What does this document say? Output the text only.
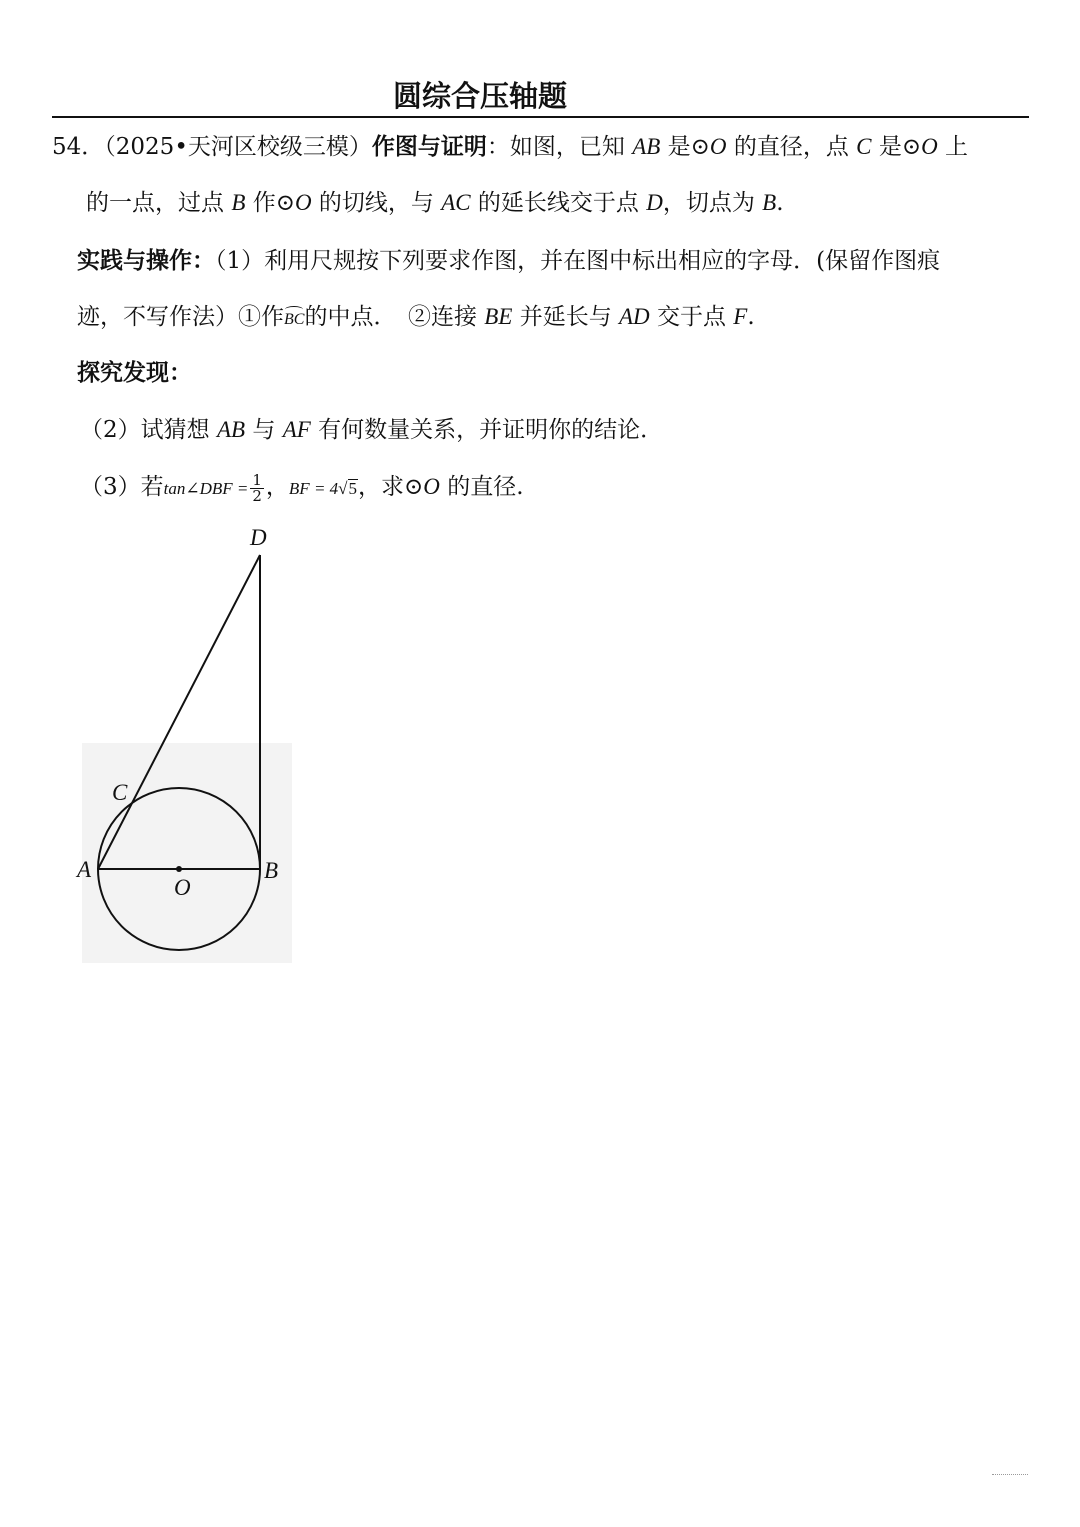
圆综合压轴题
54．（2025•天河区校级三模）作图与证明：如图，已知 AB 是⊙O 的直径，点 C 是⊙O 上
的一点，过点 B 作⊙O 的切线，与 AC 的延长线交于点 D，切点为 B.
实践与操作：（1）利用尺规按下列要求作图，并在图中标出相应的字母．(保留作图痕
迹，不写作法）①作BC的中点．　②连接 BE 并延长与 AD 交于点 F.
探究发现：
（2）试猜想 AB 与 AF 有何数量关系，并证明你的结论．
（3）若tan∠DBF = $\frac{1}{2}$ ，BF = 4√5，求⊙O 的直径.
D
C
A	B
O
